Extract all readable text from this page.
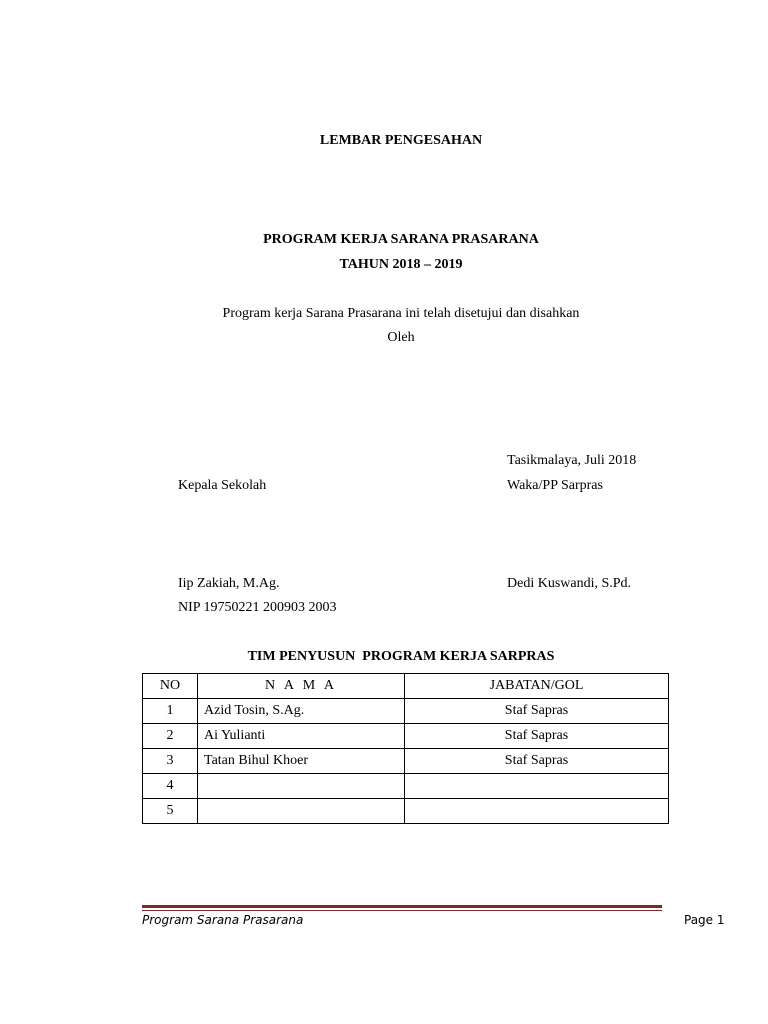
LEMBAR PENGESAHAN
PROGRAM KERJA SARANA PRASARANA
TAHUN 2018 – 2019
Program kerja Sarana Prasarana ini telah disetujui dan disahkan
Oleh
Tasikmalaya, Juli 2018
Kepala Sekolah	Waka/PP Sarpras
Iip Zakiah, M.Ag.	Dedi Kuswandi, S.Pd.
NIP 19750221 200903 2003
TIM PENYUSUN  PROGRAM KERJA SARPRAS
NO	N A M A	JABATAN/GOL
1	Azid Tosin, S.Ag.	Staf Sapras
2	Ai Yulianti	Staf Sapras
3	Tatan Bihul Khoer	Staf Sapras
4		
5		
Program Sarana Prasarana	Page 1
